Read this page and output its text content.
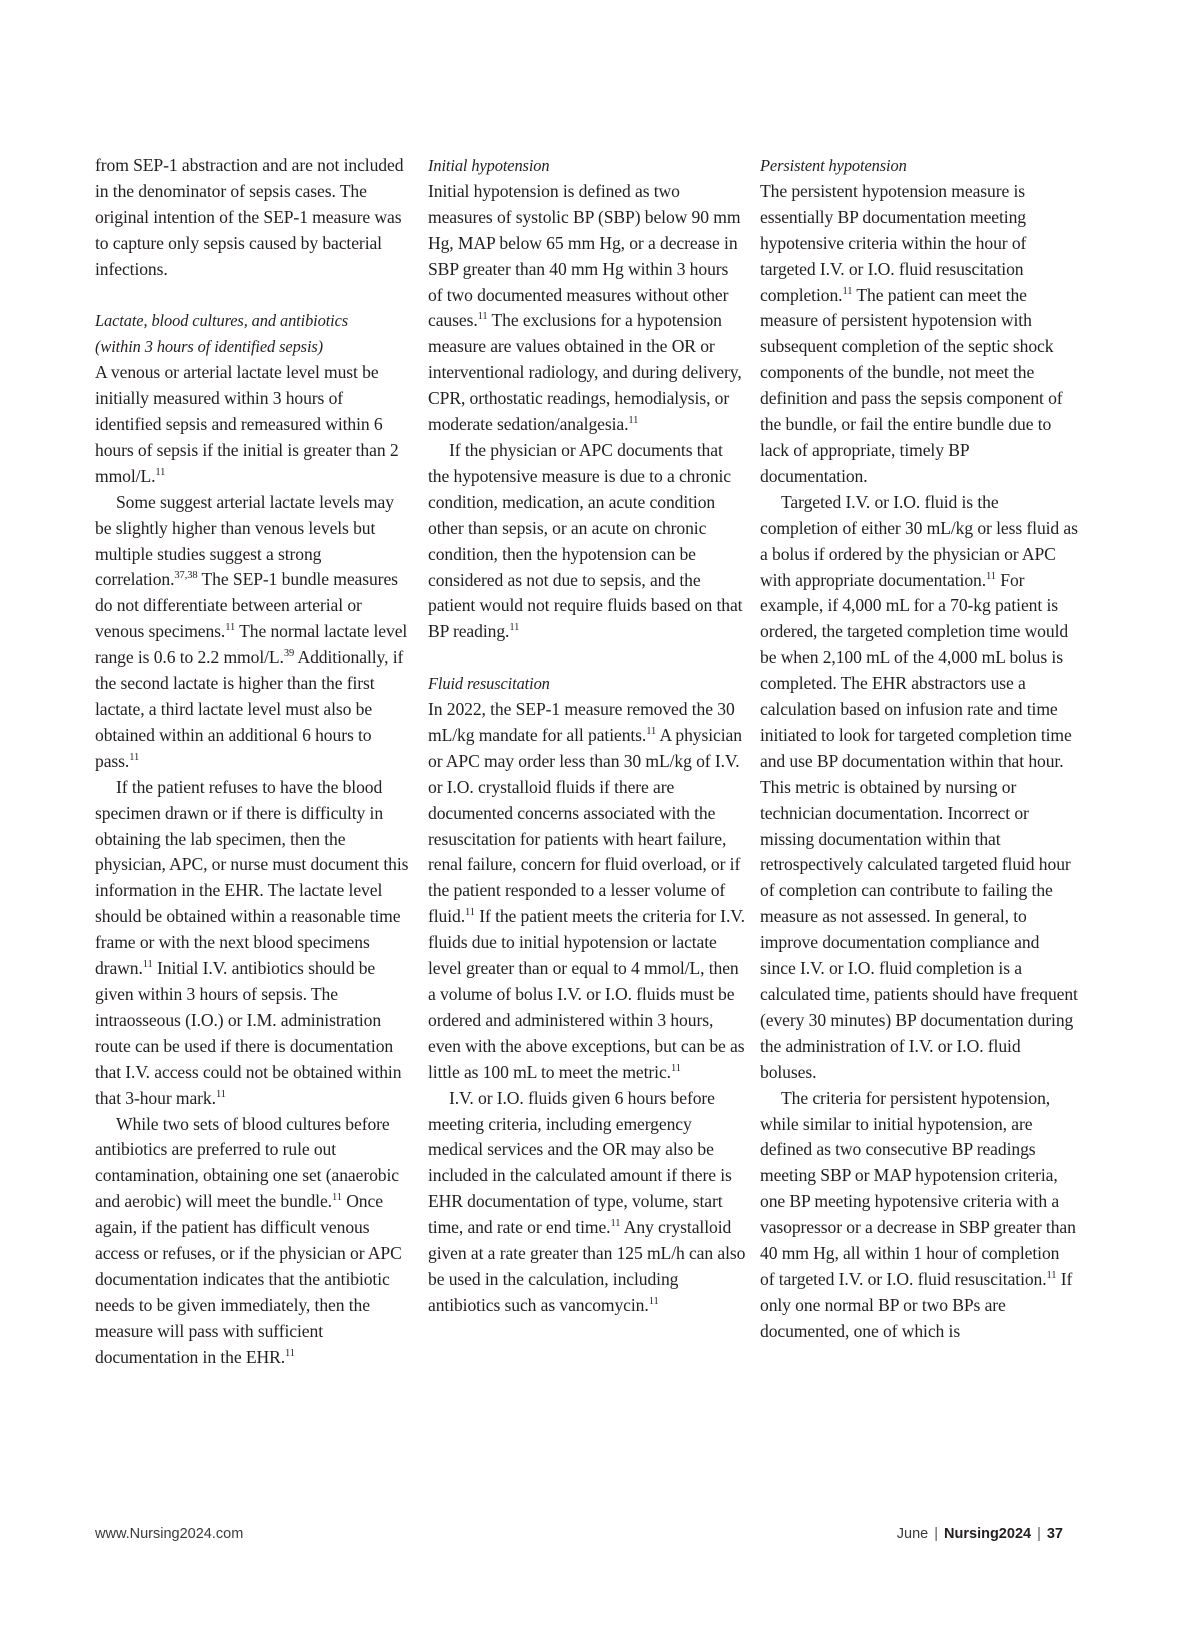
from SEP-1 abstraction and are not included in the denominator of sepsis cases. The original intention of the SEP-1 measure was to capture only sepsis caused by bacterial infections.

Lactate, blood cultures, and antibiotics

(within 3 hours of identified sepsis)

A venous or arterial lactate level must be initially measured within 3 hours of identified sepsis and remeasured within 6 hours of sepsis if the initial is greater than 2 mmol/L.$^{11}$

Some suggest arterial lactate levels may be slightly higher than venous levels but multiple studies suggest a strong correlation.$^{37,38}$ The SEP-1 bundle measures do not differentiate between arterial or venous specimens.$^{11}$ The normal lactate level range is 0.6 to 2.2 mmol/L.$^{39}$ Additionally, if the second lactate is higher than the first lactate, a third lactate level must also be obtained within an additional 6 hours to pass.$^{11}$

If the patient refuses to have the blood specimen drawn or if there is difficulty in obtaining the lab specimen, then the physician, APC, or nurse must document this information in the EHR. The lactate level should be obtained within a reasonable time frame or with the next blood specimens drawn.$^{11}$ Initial I.V. antibiotics should be given within 3 hours of sepsis. The intraosseous (I.O.) or I.M. administration route can be used if there is documentation that I.V. access could not be obtained within that 3-hour mark.$^{11}$

While two sets of blood cultures before antibiotics are preferred to rule out contamination, obtaining one set (anaerobic and aerobic) will meet the bundle.$^{11}$ Once again, if the patient has difficult venous access or refuses, or if the physician or APC documentation indicates that the antibiotic needs to be given immediately, then the measure will pass with sufficient documentation in the EHR.$^{11}$

Initial hypotension

Initial hypotension is defined as two measures of systolic BP (SBP) below 90 mm Hg, MAP below 65 mm Hg, or a decrease in SBP greater than 40 mm Hg within 3 hours of two documented measures without other causes.$^{11}$ The exclusions for a hypotension measure are values obtained in the OR or interventional radiology, and during delivery, CPR, orthostatic readings, hemodialysis, or moderate sedation/analgesia.$^{11}$

If the physician or APC documents that the hypotensive measure is due to a chronic condition, medication, an acute condition other than sepsis, or an acute on chronic condition, then the hypotension can be considered as not due to sepsis, and the patient would not require fluids based on that BP reading.$^{11}$

Fluid resuscitation

In 2022, the SEP-1 measure removed the 30 mL/kg mandate for all patients.$^{11}$ A physician or APC may order less than 30 mL/kg of I.V. or I.O. crystalloid fluids if there are documented concerns associated with the resuscitation for patients with heart failure, renal failure, concern for fluid overload, or if the patient responded to a lesser volume of fluid.$^{11}$ If the patient meets the criteria for I.V. fluids due to initial hypotension or lactate level greater than or equal to 4 mmol/L, then a volume of bolus I.V. or I.O. fluids must be ordered and administered within 3 hours, even with the above exceptions, but can be as little as 100 mL to meet the metric.$^{11}$

I.V. or I.O. fluids given 6 hours before meeting criteria, including emergency medical services and the OR may also be included in the calculated amount if there is EHR documentation of type, volume, start time, and rate or end time.$^{11}$ Any crystalloid given at a rate greater than 125 mL/h can also be used in the calculation, including antibiotics such as vancomycin.$^{11}$

Persistent hypotension

The persistent hypotension measure is essentially BP documentation meeting hypotensive criteria within the hour of targeted I.V. or I.O. fluid resuscitation completion.$^{11}$ The patient can meet the measure of persistent hypotension with subsequent completion of the septic shock components of the bundle, not meet the definition and pass the sepsis component of the bundle, or fail the entire bundle due to lack of appropriate, timely BP documentation.

Targeted I.V. or I.O. fluid is the completion of either 30 mL/kg or less fluid as a bolus if ordered by the physician or APC with appropriate documentation.$^{11}$ For example, if 4,000 mL for a 70-kg patient is ordered, the targeted completion time would be when 2,100 mL of the 4,000 mL bolus is completed. The EHR abstractors use a calculation based on infusion rate and time initiated to look for targeted completion time and use BP documentation within that hour. This metric is obtained by nursing or technician documentation. Incorrect or missing documentation within that retrospectively calculated targeted fluid hour of completion can contribute to failing the measure as not assessed. In general, to improve documentation compliance and since I.V. or I.O. fluid completion is a calculated time, patients should have frequent (every 30 minutes) BP documentation during the administration of I.V. or I.O. fluid boluses.

The criteria for persistent hypotension, while similar to initial hypotension, are defined as two consecutive BP readings meeting SBP or MAP hypotension criteria, one BP meeting hypotensive criteria with a vasopressor or a decrease in SBP greater than 40 mm Hg, all within 1 hour of completion of targeted I.V. or I.O. fluid resuscitation.$^{11}$ If only one normal BP or two BPs are documented, one of which is

www.Nursing2024.com	June | Nursing2024 | 37
